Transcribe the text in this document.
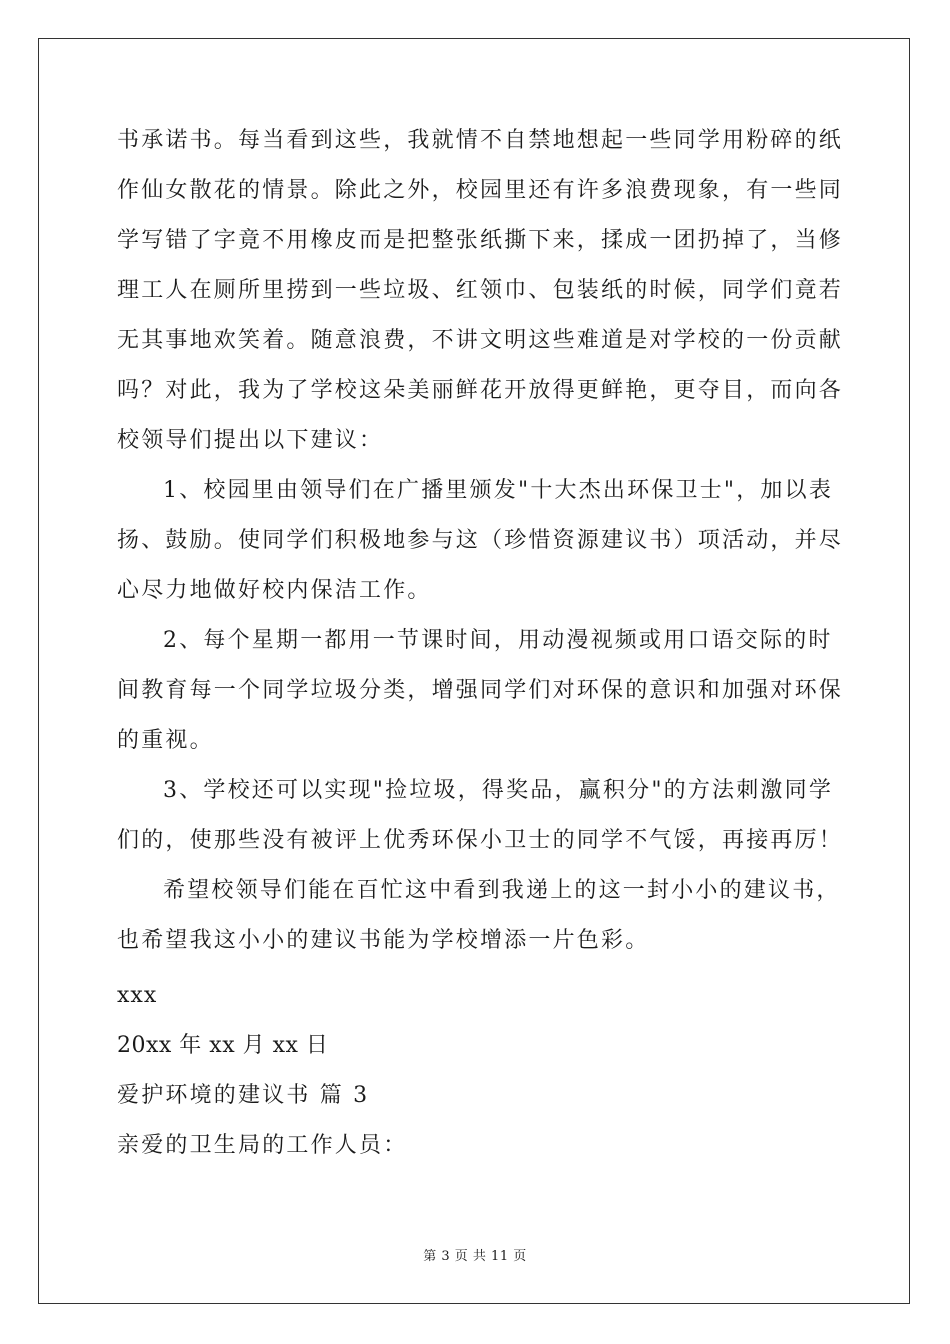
书承诺书。每当看到这些，我就情不自禁地想起一些同学用粉碎的纸
作仙女散花的情景。除此之外，校园里还有许多浪费现象，有一些同
学写错了字竟不用橡皮而是把整张纸撕下来，揉成一团扔掉了，当修
理工人在厕所里捞到一些垃圾、红领巾、包装纸的时候，同学们竟若
无其事地欢笑着。随意浪费，不讲文明这些难道是对学校的一份贡献
吗？对此，我为了学校这朵美丽鲜花开放得更鲜艳，更夺目，而向各
校领导们提出以下建议：
1、校园里由领导们在广播里颁发"十大杰出环保卫士"，加以表
扬、鼓励。使同学们积极地参与这（珍惜资源建议书）项活动，并尽
心尽力地做好校内保洁工作。
2、每个星期一都用一节课时间，用动漫视频或用口语交际的时
间教育每一个同学垃圾分类，增强同学们对环保的意识和加强对环保
的重视。
3、学校还可以实现"捡垃圾，得奖品，赢积分"的方法刺激同学
们的，使那些没有被评上优秀环保小卫士的同学不气馁，再接再厉！
希望校领导们能在百忙这中看到我递上的这一封小小的建议书，
也希望我这小小的建议书能为学校增添一片色彩。
xxx
20xx 年 xx 月 xx 日
爱护环境的建议书 篇 3
亲爱的卫生局的工作人员：
第 3 页 共 11 页
